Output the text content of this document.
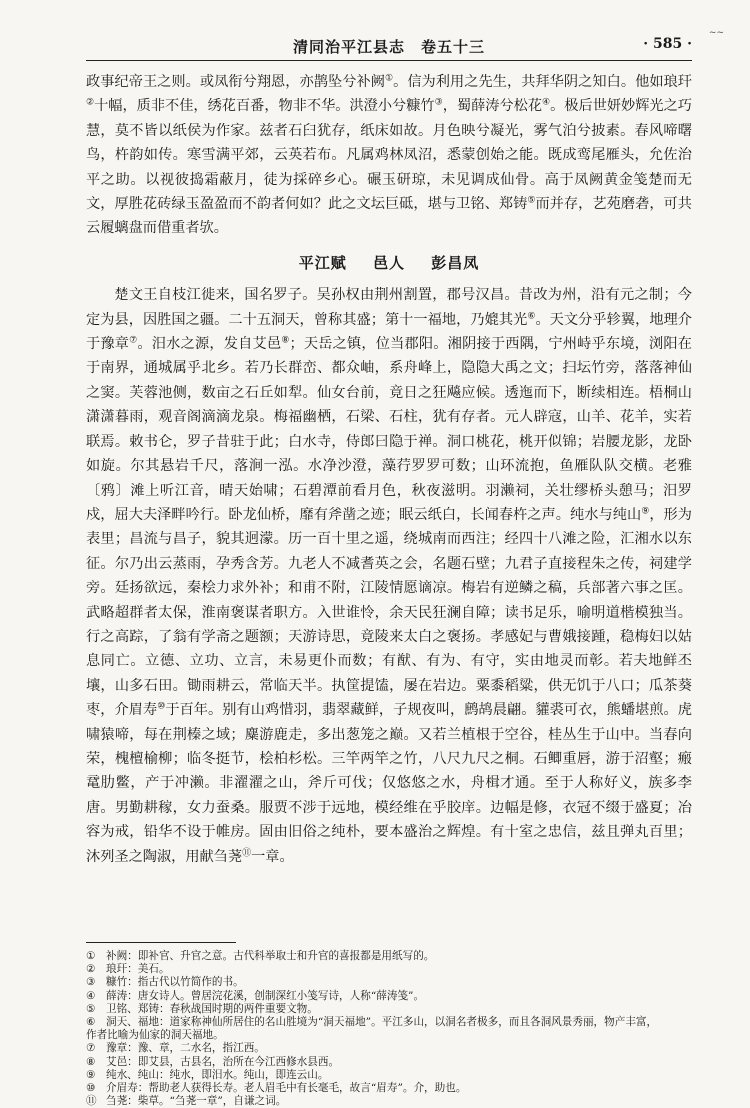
~~
清同治平江县志　卷五十三	· 585 ·

政事纪帝王之则。或凤衔兮翔恩，亦鹊坠兮补阙①。信为利用之先生，共拜华阴之知白。他如琅玕②十幅，质非不佳，绣花百番，物非不华。洪澄小兮糠竹③，蜀薛涛兮松花④。极后世妍妙辉光之巧慧，莫不皆以纸侯为作家。兹者石臼犹存，纸床如故。月色映兮凝光，雾气泊兮披素。春风啼曙鸟，杵韵如传。寒雪满平郊，云英若布。凡属鸡林凤沼，悉蒙创始之能。既成鸾尾雁头，允佐治平之助。以视彼捣霜蔽月，徒为採碎乡心。碾玉研琼，未见调成仙骨。高于凤阙黄金笺楚而无文，厚胜花砖绿玉盈盈而不韵者何如？此之文坛巨砥，堪与卫铭、郑铸⑤而并存，艺苑磨砻，可共云履螭盘而借重者欤。

平江赋 邑人 彭昌凤

楚文王自枝江徙来，国名罗子。吴孙权由荆州割置，郡号汉昌。昔改为州，沿有元之制；今定为县，因胜国之疆。二十五洞天，曾称其盛；第十一福地，乃媲其光⑥。天文分乎轸翼，地理介于豫章⑦。汨水之源，发自艾邑⑧；天岳之镇，位当郡阳。湘阴接于西隅，宁州峙乎东境，浏阳在于南界，通城属乎北乡。若乃长群峦、都众岫，系舟峰上，隐隐大禹之文；扫坛竹旁，落落神仙之窦。芙蓉池侧，数亩之石丘如犁。仙女台前，竟日之狂飚应候。透迤而下，断续相连。梧桐山潇潇暮雨，观音阁滴滴龙泉。梅福幽栖，石梁、石柱，犹有存者。元人辟寇，山羊、花羊，实若联焉。敕书仑，罗子昔驻于此；白水寺，侍郎曰隐于禅。洞口桃花，桃开似锦；岩腰龙影，龙卧如旋。尔其悬岩千尺，落涧一泓。水净沙澄，藻荇罗罗可数；山环流抱，鱼雁队队交横。老雅〔鸦〕滩上听江音，晴天始啸；石碧潭前看月色，秋夜滋明。羽濑祠，关壮缪桥头憩马；汨罗戍，屈大夫泽畔吟行。卧龙仙桥，靡有斧凿之迹；眠云纸白，长闻春杵之声。纯水与纯山⑨，形为表里；昌流与昌子，貌其迥濛。历一百十里之遥，绕城南而西注；经四十八滩之险，汇湘水以东征。尔乃出云蒸雨，孕秀含芳。九老人不减耆英之会，名题石壁；九君子直接程朱之传，祠建学旁。廷扬欲远，秦桧力求外补；和甫不附，江陵情愿谪凉。梅岩有逆鳞之稿，兵部著六事之匡。武略超群者太保，淮南褒谋者职方。入世谁怜，余天民狂澜自障；读书足乐，喻明道楷模独当。行之高踪，了翁有学斋之题额；天游诗思，竟陵来太白之褒扬。孝感妃与曹娥接踵，稳梅妇以姑息同亡。立德、立功、立言，未易更仆而数；有猷、有为、有守，实由地灵而彰。若夫地鲜丕壤，山多石田。锄雨耕云，常临天半。执筐提馌，屡在岩边。粟黍稻粱，供无饥于八口；瓜茶葵枣，介眉寿⑩于百年。别有山鸡惜羽，翡翠藏鲜，子规夜叫，鹧鸪晨翩。貛裘可衣，熊蟠堪煎。虎啸猿啼，每在荆榛之域；麋游鹿走，多出葱笼之巅。又若兰植根于空谷，桂丛生于山中。当春向荣，槐檀榆柳；临冬挺节，桧柏杉松。三竿两竿之竹，八尺九尺之桐。石鲫重唇，游于沼壑；瘢鼋肋鳖，产于冲濑。非濯濯之山，斧斤可伐；仅悠悠之水，舟楫才通。至于人称好义，族多李唐。男勤耕稼，女力蚕桑。服贾不涉于远地，模经维在乎胶庠。边幅是修，衣冠不缀于盛夏；冶容为戒，铅华不设于帷房。固由旧俗之纯朴，要本盛治之辉煌。有十室之忠信，兹且弹丸百里；沐列圣之陶淑，用献刍荛⑪一章。

① 补阙：即补官、升官之意。古代科举取士和升官的喜报都是用纸写的。
② 琅玕：美石。
③ 糠竹：指古代以竹简作的书。
④ 薛涛：唐女诗人。曾居浣花溪，创制深红小笺写诗，人称“薛涛笺”。
⑤ 卫铭、郑铸：春秋战国时期的两件重要文物。
⑥ 洞天、福地：道家称神仙所居住的名山胜境为“洞天福地”。平江多山，以洞名者极多，而且各洞风景秀丽，物产丰富，
作者比喻为仙家的洞天福地。
⑦ 豫章：豫、章，二水名，指江西。
⑧ 艾邑：即艾县，古县名，治所在今江西修水县西。
⑨ 纯水、纯山：纯水，即汨水。纯山，即连云山。
⑩ 介眉寿：帮助老人获得长寿。老人眉毛中有长毫毛，故言“眉寿”。介，助也。
⑪ 刍荛：柴草。“刍荛一章”，自谦之词。
